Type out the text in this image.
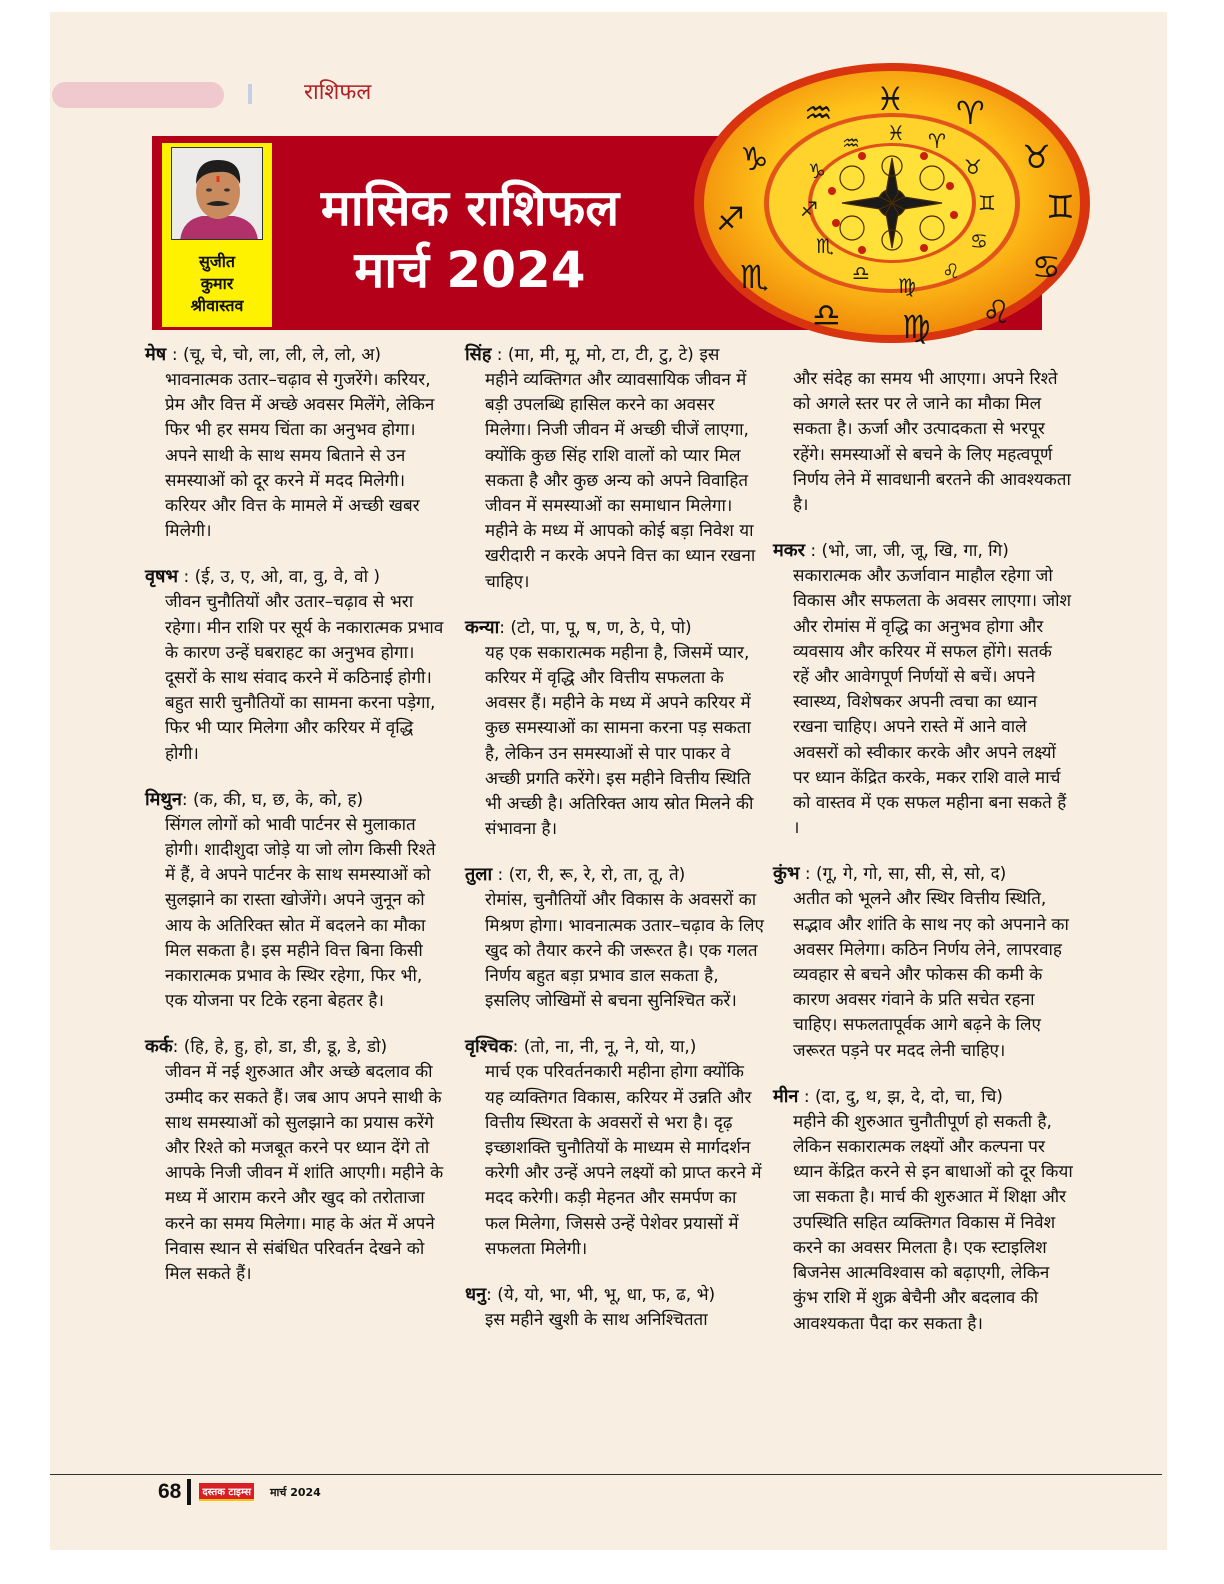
राशिफल
सुजीत
कुमार
श्रीवास्तव
मासिक राशिफल
मार्च 2024
♓ ♈
♉
♊
♋
♌
♍
♎
♏
♐
♑
♒
♓ ♈
♉
♊
♋
♌
♍
♎
♏
♐
♑
♒
मेष : (चू, चे, चो, ला, ली, ले, लो, अ)
भावनात्मक उतार–चढ़ाव से गुजरेंगे। करियर, प्रेम और वित्त में अच्छे अवसर मिलेंगे, लेकिन फिर भी हर समय चिंता का अनुभव होगा। अपने साथी के साथ समय बिताने से उन समस्याओं को दूर करने में मदद मिलेगी। करियर और वित्त के मामले में अच्छी खबर मिलेगी।
वृषभ : (ई, उ, ए, ओ, वा, वु, वे, वो )
जीवन चुनौतियों और उतार–चढ़ाव से भरा रहेगा। मीन राशि पर सूर्य के नकारात्मक प्रभाव के कारण उन्हें घबराहट का अनुभव होगा। दूसरों के साथ संवाद करने में कठिनाई होगी। बहुत सारी चुनौतियों का सामना करना पड़ेगा, फिर भी प्यार मिलेगा और करियर में वृद्धि होगी।
मिथुन: (क, की, घ, छ, के, को, ह)
सिंगल लोगों को भावी पार्टनर से मुलाकात होगी। शादीशुदा जोड़े या जो लोग किसी रिश्ते में हैं, वे अपने पार्टनर के साथ समस्याओं को सुलझाने का रास्ता खोजेंगे। अपने जुनून को आय के अतिरिक्त स्रोत में बदलने का मौका मिल सकता है। इस महीने वित्त बिना किसी नकारात्मक प्रभाव के स्थिर रहेगा, फिर भी, एक योजना पर टिके रहना बेहतर है।
कर्क: (हि, हे, हु, हो, डा, डी, डू, डे, डो)
जीवन में नई शुरुआत और अच्छे बदलाव की उम्मीद कर सकते हैं। जब आप अपने साथी के साथ समस्याओं को सुलझाने का प्रयास करेंगे और रिश्ते को मजबूत करने पर ध्यान देंगे तो आपके निजी जीवन में शांति आएगी। महीने के मध्य में आराम करने और खुद को तरोताजा करने का समय मिलेगा। माह के अंत में अपने निवास स्थान से संबंधित परिवर्तन देखने को मिल सकते हैं।
सिंह : (मा, मी, मू, मो, टा, टी, टु, टे) इस
महीने व्यक्तिगत और व्यावसायिक जीवन में बड़ी उपलब्धि हासिल करने का अवसर मिलेगा। निजी जीवन में अच्छी चीजें लाएगा, क्योंकि कुछ सिंह राशि वालों को प्यार मिल सकता है और कुछ अन्य को अपने विवाहित जीवन में समस्याओं का समाधान मिलेगा। महीने के मध्य में आपको कोई बड़ा निवेश या खरीदारी न करके अपने वित्त का ध्यान रखना चाहिए।
कन्या: (टो, पा, पू, ष, ण, ठे, पे, पो)
यह एक सकारात्मक महीना है, जिसमें प्यार, करियर में वृद्धि और वित्तीय सफलता के अवसर हैं। महीने के मध्य में अपने करियर में कुछ समस्याओं का सामना करना पड़ सकता है, लेकिन उन समस्याओं से पार पाकर वे अच्छी प्रगति करेंगे। इस महीने वित्तीय स्थिति भी अच्छी है। अतिरिक्त आय स्रोत मिलने की संभावना है।
तुला : (रा, री, रू, रे, रो, ता, तू, ते)
रोमांस, चुनौतियों और विकास के अवसरों का मिश्रण होगा। भावनात्मक उतार–चढ़ाव के लिए खुद को तैयार करने की जरूरत है। एक गलत निर्णय बहुत बड़ा प्रभाव डाल सकता है, इसलिए जोखिमों से बचना सुनिश्चित करें।
वृश्चिक: (तो, ना, नी, नू, ने, यो, या,)
मार्च एक परिवर्तनकारी महीना होगा क्योंकि यह व्यक्तिगत विकास, करियर में उन्नति और वित्तीय स्थिरता के अवसरों से भरा है। दृढ़ इच्छाशक्ति चुनौतियों के माध्यम से मार्गदर्शन करेगी और उन्हें अपने लक्ष्यों को प्राप्त करने में मदद करेगी। कड़ी मेहनत और समर्पण का फल मिलेगा, जिससे उन्हें पेशेवर प्रयासों में सफलता मिलेगी।
धनु: (ये, यो, भा, भी, भू, धा, फ, ढ, भे)
इस महीने खुशी के साथ अनिश्चितता
और संदेह का समय भी आएगा। अपने रिश्ते को अगले स्तर पर ले जाने का मौका मिल सकता है। ऊर्जा और उत्पादकता से भरपूर रहेंगे। समस्याओं से बचने के लिए महत्वपूर्ण निर्णय लेने में सावधानी बरतने की आवश्यकता है।
मकर : (भो, जा, जी, जू, खि, गा, गि)
सकारात्मक और ऊर्जावान माहौल रहेगा जो विकास और सफलता के अवसर लाएगा। जोश और रोमांस में वृद्धि का अनुभव होगा और व्यवसाय और करियर में सफल होंगे। सतर्क रहें और आवेगपूर्ण निर्णयों से बचें। अपने स्वास्थ्य, विशेषकर अपनी त्वचा का ध्यान रखना चाहिए। अपने रास्ते में आने वाले अवसरों को स्वीकार करके और अपने लक्ष्यों पर ध्यान केंद्रित करके, मकर राशि वाले मार्च को वास्तव में एक सफल महीना बना सकते हैं ।
कुंभ : (गू, गे, गो, सा, सी, से, सो, द)
अतीत को भूलने और स्थिर वित्तीय स्थिति, सद्भाव और शांति के साथ नए को अपनाने का अवसर मिलेगा। कठिन निर्णय लेने, लापरवाह व्यवहार से बचने और फोकस की कमी के कारण अवसर गंवाने के प्रति सचेत रहना चाहिए। सफलतापूर्वक आगे बढ़ने के लिए जरूरत पड़ने पर मदद लेनी चाहिए।
मीन : (दा, दु, थ, झ, दे, दो, चा, चि)
महीने की शुरुआत चुनौतीपूर्ण हो सकती है, लेकिन सकारात्मक लक्ष्यों और कल्पना पर ध्यान केंद्रित करने से इन बाधाओं को दूर किया जा सकता है। मार्च की शुरुआत में शिक्षा और उपस्थिति सहित व्यक्तिगत विकास में निवेश करने का अवसर मिलता है। एक स्टाइलिश बिजनेस आत्मविश्वास को बढ़ाएगी, लेकिन कुंभ राशि में शुक्र बेचैनी और बदलाव की आवश्यकता पैदा कर सकता है।
68	दस्तक टाइम्स मार्च 2024
